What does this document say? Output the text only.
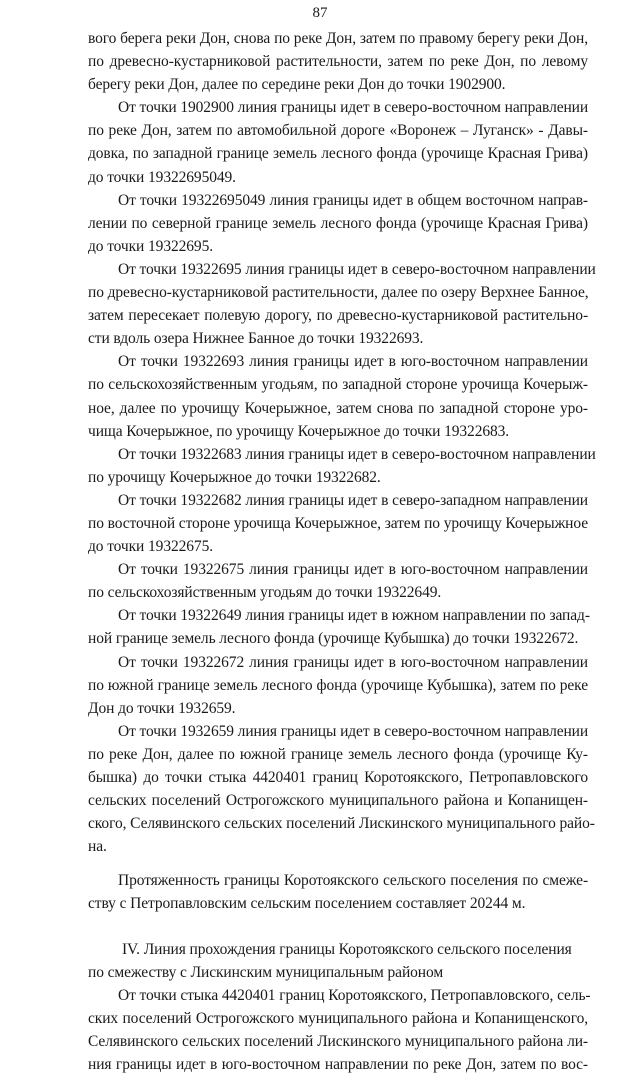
87

вого берега реки Дон, снова по реке Дон, затем по правому берегу реки Дон,
по древесно-кустарниковой растительности, затем по реке Дон, по левому
берегу реки Дон, далее по середине реки Дон до точки 1902900.

От точки 1902900 линия границы идет в северо-восточном направлении
по реке Дон, затем по автомобильной дороге «Воронеж – Луганск» - Давы-
довка, по западной границе земель лесного фонда (урочище Красная Грива)
до точки 19322695049.

От точки 19322695049 линия границы идет в общем восточном направ-
лении по северной границе земель лесного фонда (урочище Красная Грива)
до точки 19322695.

От точки 19322695 линия границы идет в северо-восточном направлении
по древесно-кустарниковой растительности, далее по озеру Верхнее Банное,
затем пересекает полевую дорогу, по древесно-кустарниковой растительно-
сти вдоль озера Нижнее Банное до точки 19322693.

От точки 19322693 линия границы идет в юго-восточном направлении
по сельскохозяйственным угодьям, по западной стороне урочища Кочерыж-
ное, далее по урочищу Кочерыжное, затем снова по западной стороне уро-
чища Кочерыжное, по урочищу Кочерыжное до точки 19322683.

От точки 19322683 линия границы идет в северо-восточном направлении
по урочищу Кочерыжное до точки 19322682.

От точки 19322682 линия границы идет в северо-западном направлении
по восточной стороне урочища Кочерыжное, затем по урочищу Кочерыжное
до точки 19322675.

От точки 19322675 линия границы идет в юго-восточном направлении
по сельскохозяйственным угодьям до точки 19322649.

От точки 19322649 линия границы идет в южном направлении по запад-
ной границе земель лесного фонда (урочище Кубышка) до точки 19322672.

От точки 19322672 линия границы идет в юго-восточном направлении
по южной границе земель лесного фонда (урочище Кубышка), затем по реке
Дон до точки 1932659.

От точки 1932659 линия границы идет в северо-восточном направлении
по реке Дон, далее по южной границе земель лесного фонда (урочище Ку-
бышка) до точки стыка 4420401 границ Коротоякского, Петропавловского
сельских поселений Острогожского муниципального района и Копанищен-
ского, Селявинского сельских поселений Лискинского муниципального райо-
на.

Протяженность границы Коротоякского сельского поселения по смеже-
ству с Петропавловским сельским поселением составляет 20244 м.

IV. Линия прохождения границы Коротоякского сельского поселения
по смежеству с Лискинским муниципальным районом

От точки стыка 4420401 границ Коротоякского, Петропавловского, сель-
ских поселений Острогожского муниципального района и Копанищенского,
Селявинского сельских поселений Лискинского муниципального района ли-
ния границы идет в юго-восточном направлении по реке Дон, затем по вос-
